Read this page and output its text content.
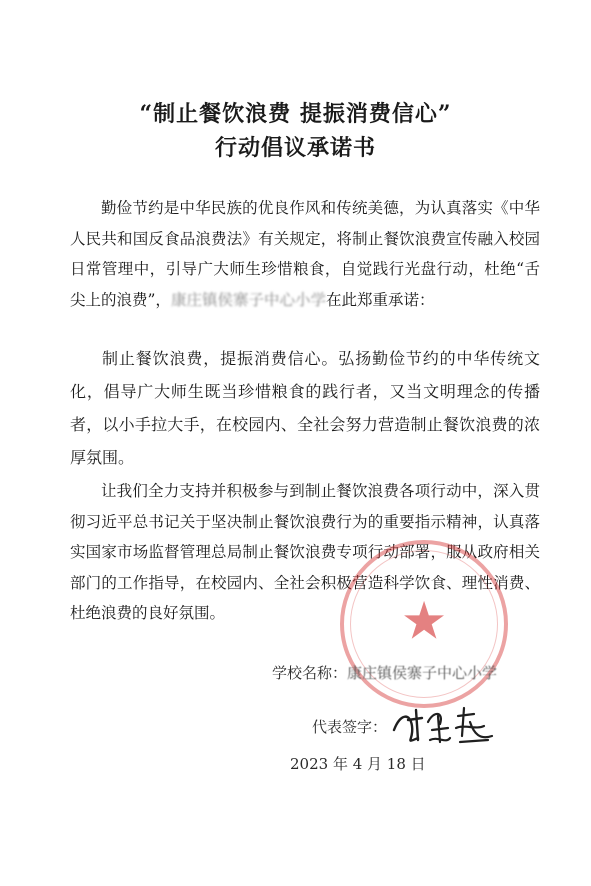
“制止餐饮浪费 提振消费信心”
行动倡议承诺书

勤俭节约是中华民族的优良作风和传统美德，为认真落实《中华人民共和国反食品浪费法》有关规定，将制止餐饮浪费宣传融入校园日常管理中，引导广大师生珍惜粮食，自觉践行光盘行动，杜绝“舌尖上的浪费”，康庄镇侯寨子中心小学在此郑重承诺：

制止餐饮浪费，提振消费信心。弘扬勤俭节约的中华传统文化，倡导广大师生既当珍惜粮食的践行者，又当文明理念的传播者，以小手拉大手，在校园内、全社会努力营造制止餐饮浪费的浓厚氛围。

让我们全力支持并积极参与到制止餐饮浪费各项行动中，深入贯彻习近平总书记关于坚决制止餐饮浪费行为的重要指示精神，认真落实国家市场监督管理总局制止餐饮浪费专项行动部署，服从政府相关部门的工作指导，在校园内、全社会积极营造科学饮食、理性消费、杜绝浪费的良好氛围。	★
学校名称：康庄镇侯寨子中心小学
代表签字：
2023 年 4 月 18 日
